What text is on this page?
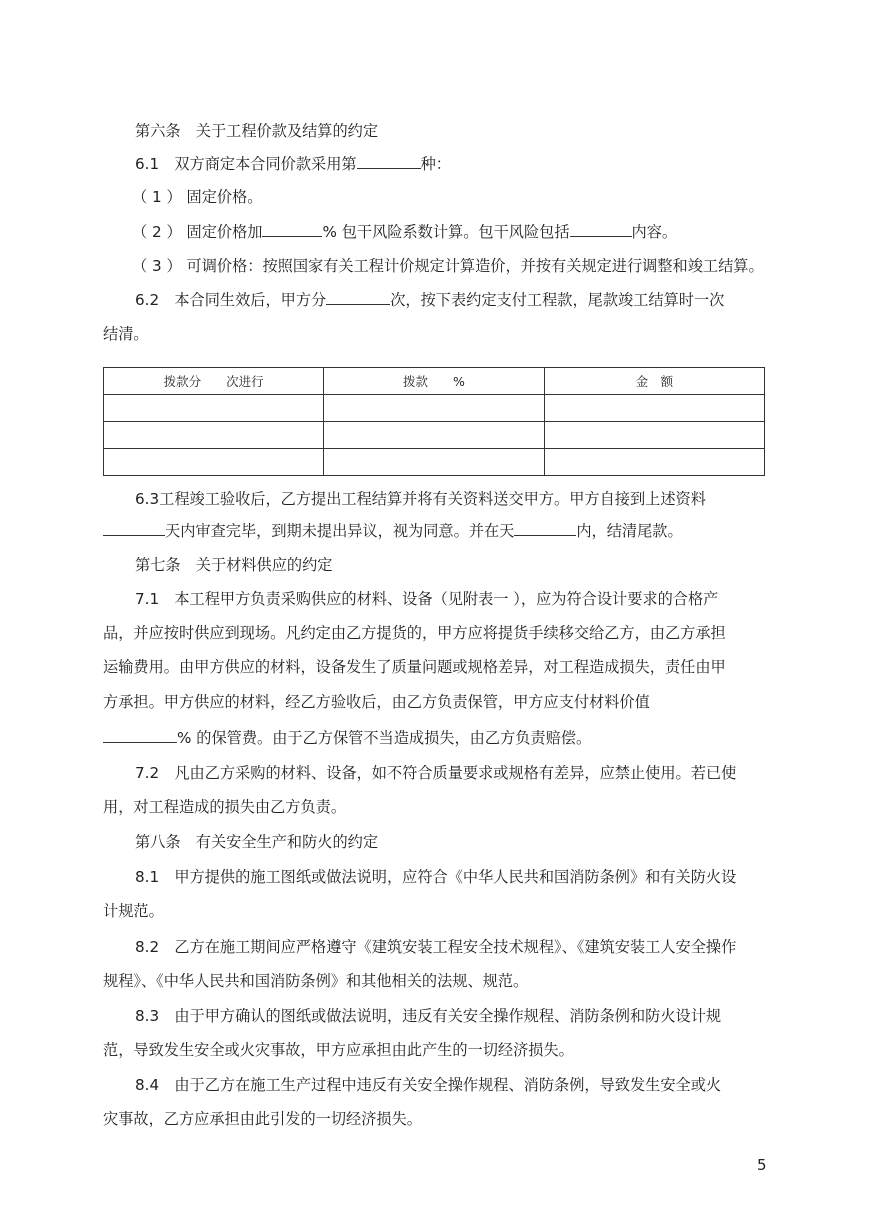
第六条　关于工程价款及结算的约定
6.1　双方商定本合同价款采用第	种：
（ 1 ） 固定价格。
（ 2 ） 固定价格加	% 包干风险系数计算。包干风险包括	内容。
（ 3 ） 可调价格：按照国家有关工程计价规定计算造价，并按有关规定进行调整和竣工结算。
6.2　本合同生效后，甲方分	次，按下表约定支付工程款，尾款竣工结算时一次
结清。
拨款分　　次进行	拨款　　%	金　额

6.3工程竣工验收后，乙方提出工程结算并将有关资料送交甲方。甲方自接到上述资料
天内审查完毕，到期未提出异议，视为同意。并在天	内，结清尾款。
第七条　关于材料供应的约定
7.1　本工程甲方负责采购供应的材料、设备（见附表一 ），应为符合设计要求的合格产
品，并应按时供应到现场。凡约定由乙方提货的，甲方应将提货手续移交给乙方，由乙方承担
运输费用。由甲方供应的材料，设备发生了质量问题或规格差异，对工程造成损失，责任由甲
方承担。甲方供应的材料，经乙方验收后，由乙方负责保管，甲方应支付材料价值
% 的保管费。由于乙方保管不当造成损失，由乙方负责赔偿。
7.2　凡由乙方采购的材料、设备，如不符合质量要求或规格有差异，应禁止使用。若已使
用，对工程造成的损失由乙方负责。
第八条　有关安全生产和防火的约定
8.1　甲方提供的施工图纸或做法说明，应符合《中华人民共和国消防条例》和有关防火设
计规范。
8.2　乙方在施工期间应严格遵守《建筑安装工程安全技术规程》、《建筑安装工人安全操作
规程》、《中华人民共和国消防条例》和其他相关的法规、规范。
8.3　由于甲方确认的图纸或做法说明，违反有关安全操作规程、消防条例和防火设计规
范，导致发生安全或火灾事故，甲方应承担由此产生的一切经济损失。
8.4　由于乙方在施工生产过程中违反有关安全操作规程、消防条例，导致发生安全或火
灾事故，乙方应承担由此引发的一切经济损失。
5
